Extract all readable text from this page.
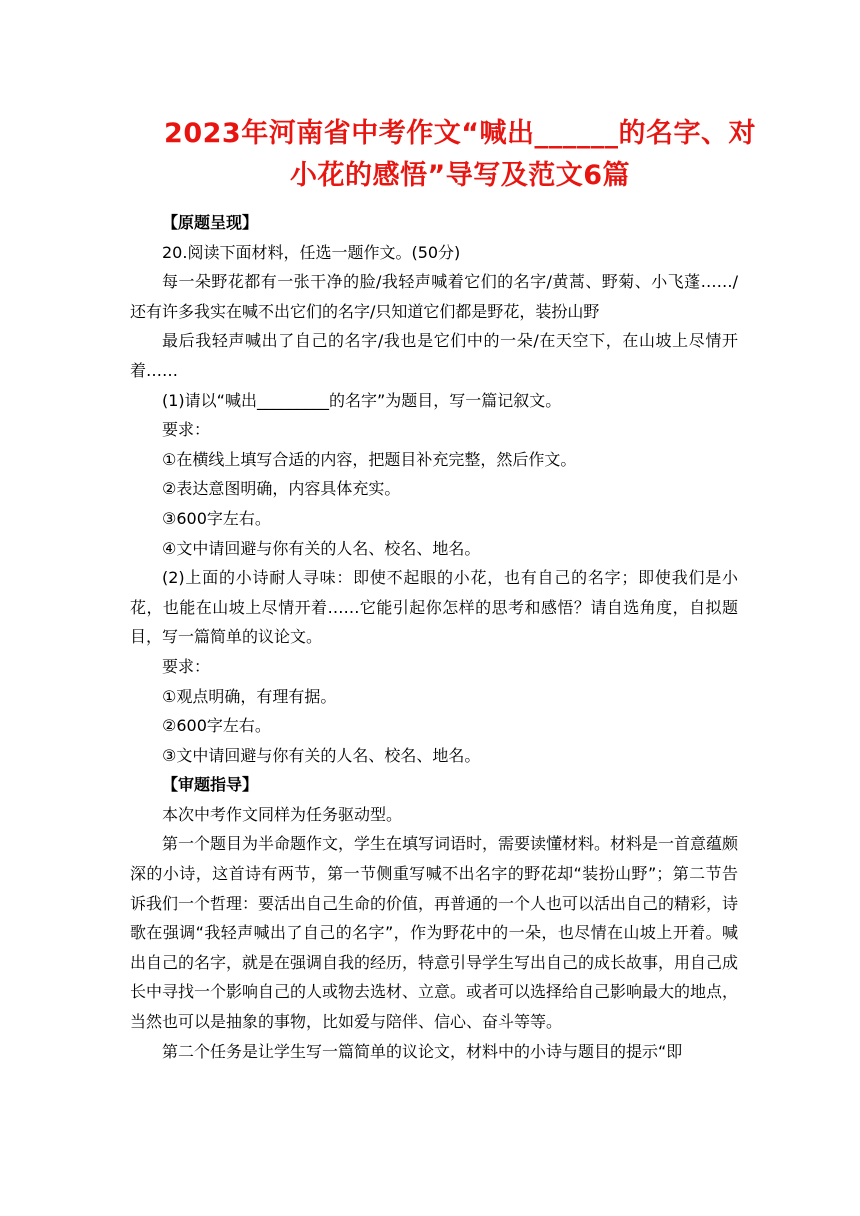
2023年河南省中考作文“喊出______的名字、对
小花的感悟”导写及范文6篇

【原题呈现】

20.阅读下面材料，任选一题作文。(50分)

每一朵野花都有一张干净的脸/我轻声喊着它们的名字/黄蒿、野菊、小飞蓬……/还有许多我实在喊不出它们的名字/只知道它们都是野花，装扮山野

最后我轻声喊出了自己的名字/我也是它们中的一朵/在天空下，在山坡上尽情开着……

(1)请以“喊出_________的名字”为题目，写一篇记叙文。

要求：

①在横线上填写合适的内容，把题目补充完整，然后作文。

②表达意图明确，内容具体充实。

③600字左右。

④文中请回避与你有关的人名、校名、地名。

(2)上面的小诗耐人寻味：即使不起眼的小花，也有自己的名字；即使我们是小花，也能在山坡上尽情开着……它能引起你怎样的思考和感悟？请自选角度，自拟题目，写一篇简单的议论文。

要求：

①观点明确，有理有据。

②600字左右。

③文中请回避与你有关的人名、校名、地名。

【审题指导】

本次中考作文同样为任务驱动型。

第一个题目为半命题作文，学生在填写词语时，需要读懂材料。材料是一首意蕴颇深的小诗，这首诗有两节，第一节侧重写喊不出名字的野花却“装扮山野”；第二节告诉我们一个哲理：要活出自己生命的价值，再普通的一个人也可以活出自己的精彩，诗歌在强调“我轻声喊出了自己的名字”，作为野花中的一朵，也尽情在山坡上开着。喊出自己的名字，就是在强调自我的经历，特意引导学生写出自己的成长故事，用自己成长中寻找一个影响自己的人或物去选材、立意。或者可以选择给自己影响最大的地点，当然也可以是抽象的事物，比如爱与陪伴、信心、奋斗等等。

第二个任务是让学生写一篇简单的议论文，材料中的小诗与题目的提示“即
